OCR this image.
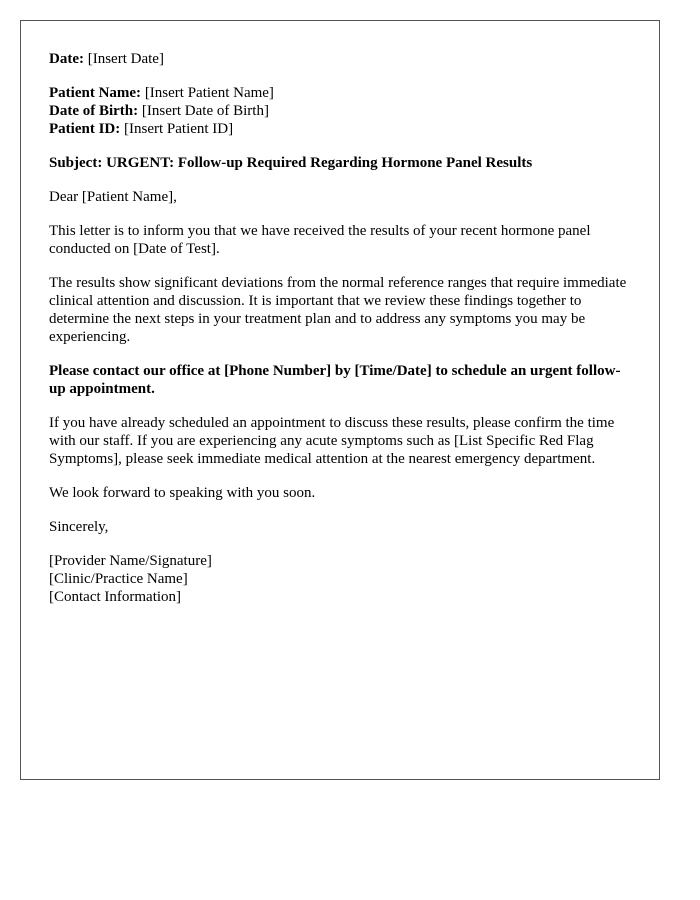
Date: [Insert Date]
Patient Name: [Insert Patient Name]
Date of Birth: [Insert Date of Birth]
Patient ID: [Insert Patient ID]

Subject: URGENT: Follow-up Required Regarding Hormone Panel Results

Dear [Patient Name],

This letter is to inform you that we have received the results of your recent hormone panel conducted on [Date of Test].

The results show significant deviations from the normal reference ranges that require immediate clinical attention and discussion. It is important that we review these findings together to determine the next steps in your treatment plan and to address any symptoms you may be experiencing.

Please contact our office at [Phone Number] by [Time/Date] to schedule an urgent follow-up appointment.

If you have already scheduled an appointment to discuss these results, please confirm the time with our staff. If you are experiencing any acute symptoms such as [List Specific Red Flag Symptoms], please seek immediate medical attention at the nearest emergency department.

We look forward to speaking with you soon.

Sincerely,

[Provider Name/Signature]
[Clinic/Practice Name]
[Contact Information]
